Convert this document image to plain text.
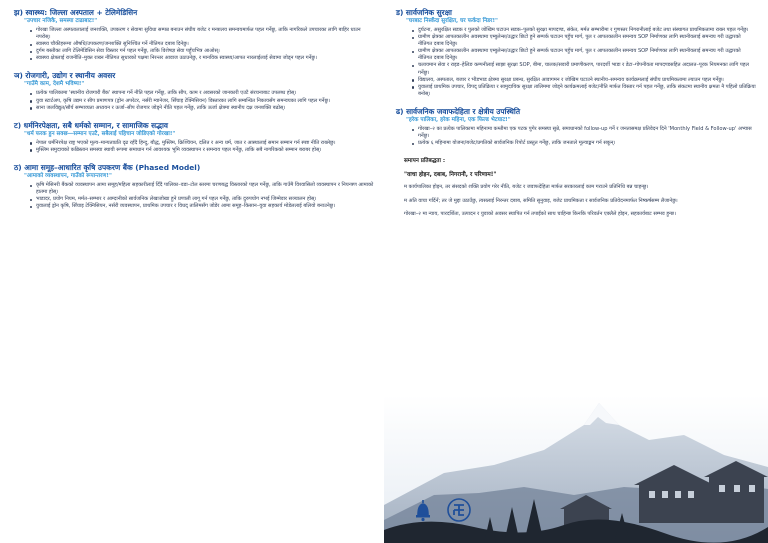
झ) स्वास्थ्य: जिल्ला अस्पताल + टेलिमेडिसिन
"उपचार नजिकै, समस्या टाढाबाट!"
गोरखा जिल्ला अस्पतालालाई जनशक्ति, उपकरण र सेवामा सुविधा सम्पन्न बनाउन संघीय बजेट र मन्त्रालय समन्वयमार्फत पहल गर्नेछु, ताकि नागरिकले उपचारका लागि बाहिर धाउन नपरोस्।
स्वास्थ्य चौकीहरूमा औषधि/उपकरण/जनशक्ति सुनिश्चित गर्ने नीतिगत दबाब दिनेछु।
दुर्गम बस्तीका लागि टेलिमेडिसिन सेवा विस्तार गर्न पहल गर्नेछु, ताकि विशेषज्ञ सेवा पहुँचभित्र आओस्।
स्वास्थ्य क्षेत्रलाई राजनीति–मुक्त राख्न नीतिगत सुधारको पक्षमा निरन्तर आवाज उठाउनेछु, र मानविक स्वास्थ्य/आपत नारलाईलाई सेवामा जोड्न पहल गर्नेछु।
ञ) रोजगारी, उद्योग र स्थानीय अवसर
"गाउँमै काम, देशमै भविष्य!"
प्रत्येक पालिकामा 'स्थानीय रोजगारी बैंक' स्थापना गर्ने नीति पहल गर्नेछु, ताकि सीप, काम र अवसरको जानकारी एउटै संरचनाबाट उपलब्ध होस्।
युवा स्टार्टअप, कृषि उद्यम र सीप प्रमाणपत्र (ड्रोन अपरेटर, नर्सरी म्यानेजर, सिँचाइ टेक्निसियन) विस्तारका लागि सम्बन्धित निकायसँग समन्वयका लागि पहल गर्नेछु।
साना जलविद्युत/सौर्य सम्भाव्यता अध्ययन र ऊर्जा–सीप रोजगार जोड्ने नीति पहल गर्नेछु, ताकि ऊर्जा क्षेत्रमा स्थानीय दक्ष जनशक्ति बढोस्।
ट) धर्मनिरपेक्षता, सबै धर्मको सम्मान, र सामाजिक सद्भाव
"धर्म फरक हुन सक्छ—सम्मान एउटै, सबैलाई पहिचान जोडिएको गोरखा!"
नेपाल धर्मनिरपेक्ष राष्ट्र भएको मूल्य–मान्यताप्रति दृढ रहँदै हिन्दु, बौद्ध, मुस्लिम, क्रिश्चियन, दलित र अन्य धर्म, जात र आस्थालाई समान सम्मान गर्न स्पष्ट नीति राख्नेछु।
मुस्लिम समुदायको कब्रिस्तान समस्या स्थायी रूपमा समाधान गर्न आवश्यक भूमि व्यवस्थापन र समन्वय पहल गर्नेछु, ताकि सबै नागरिकको सम्मान बराबर होस्।
ठ) आमा समूह–आधारित कृषि उपकरण बैंक (Phased Model)
"आमाको व्यवस्थापन, गाउँको रूपान्तरण!"
कृषि मेसिनरी बैंकको व्यवस्थापन आमा समूह/महिला सहकारीलाई दिँदै पालिका–वडा–टोल स्तरमा चरणबद्ध विस्तारको पहल गर्नेछु, ताकि गाउँमै विश्वासिलो व्यवस्थापन र नियन्त्रण आमाको हातमा होस्।
भाडादर, प्रयोग नियम, मर्मत–सम्भार र आम्दानीको सार्वजनिक लेखाजोखा हुने प्रणाली लागू गर्न पहल गर्नेछु, ताकि दुरुपयोग नभई जिम्मेवार सञ्चालन होस्।
युवालाई ड्रोन कृषि, सिँचाइ टेक्निसियन, नर्सरी व्यवस्थापन, प्राथमिक उपचार र विधद् तालिमसँग जोडेर आमा समूह–किसान–युवा सहकार्य मोडेललाई बलियो बनाउनेछु।
ड) सार्वजनिक सुरक्षा
"घरबाट निस्कँदा सुरक्षित, घर फर्कदा निडर!"
दुर्घटना, असुरक्षित सडक र पुलको जोखिम घटाउन सडक–पुलको सुरक्षा मापदण्ड, संकेत, मर्मत सम्भारीमा र गुणस्तर निगरानीलाई बजेट तथा संस्थागत प्राथमिकतामा राख्न पहल गर्नेछु।
ग्रामीण क्षेत्रका आपतकालीन अवस्थामा एम्बुलेन्स/उद्धार छिटो हुने सम्पर्क घटाउन पहुँच मार्ग, पुल र आपतकालीन समन्वय SOP निर्माणका लागि स्थानीयलाई समन्वय गरी उद्धारको नीतिगत दबाब दिनेछु।
ग्रामीण क्षेत्रका आपतकालीन अवस्थामा एम्बुलेन्स/उद्धार छिटो हुने सम्पर्क घटाउन पहुँच मार्ग, पुल र आपतकालीन समन्वय SOP निर्माणका लागि स्थानीयलाई समन्वय गरी उद्धारको नीतिगत दबाब दिनेछु।
चलायमान सेवा र राइड–हेलिङ कम्पनीलाई साझा सुरक्षा SOP, बीमा, चालक/सवारी प्रमाणीकरण, पारदर्शी भाडा र डेटा–गोपनीयता मापदण्डसहित अदालत–पूरक नियमनका लागि पहल गर्नेछु।
विद्यालय, अस्पताल, बजार र भीडभाड क्षेत्रमा सुरक्षा प्रबन्ध, सुरक्षित आवागमन र जोखिम घटाउने स्थानीय–समन्वय कार्यक्रमलाई संघीय प्राथमिकतामा ल्याउन पहल गर्नेछु।
युवालाई प्राथमिक उपचार, विपद् प्रतिक्रिया र सामुदायिक सुरक्षा तालिममा जोड्ने कार्यक्रमलाई बजेट/नीति मार्फत विस्तार गर्न पहल गर्नेछु, ताकि संकटमा स्थानीय क्षमता नै पहिलो प्रतिक्रिया बनोस्।
ढ) सार्वजनिक जवाफदेहिता र क्षेत्रीय उपस्थिति
"हरेक पालिका, हरेक महिना, एक फिल्ड भेटघाट!"
गोरखा–२ का प्रत्येक पालिकामा महिनामा कम्तीमा एक पटक पुगेर समस्या सुन्ने, समाधानको follow-up गर्ने र जनतासमक्ष प्रतिवेदन दिने 'Monthly Field & Follow-up' अभ्यास गर्नेछु।
प्रत्येक ६ महिनामा योजना/बजेट/प्रगतिको सार्वजनिक रिपोर्ट प्रस्तुत गर्नेछु, ताकि जनताले मूल्याङ्कन गर्न सकून्।
समापन प्रतिबद्धता :
"वाचा होइन, दबाब, निगरानी, र परिणाम!"

म कार्यपालिका होइन, तर संसदको शक्ति प्रयोग गरेर नीति, बजेट र जवाफदेहिता मार्फत सरकारलाई काम गराउने प्रतिनिधि बन्न चाहन्छु।

म अति वाचा गर्दिनँ; तर जे मुद्दा उठाउँछु, त्यसलाई निरन्तर दबाब, समिति सुनुवाइ, बजेट प्राथमिकता र सार्वजनिक प्रतिवेदनमार्फत निष्कर्षसम्म लैजानेछु।

गोरखा–२ मा न्याय, पारदर्शिता, उत्पादन र युवाको अवसर स्थापित गर्न तपाईंको साथ चाहिन्छ किनकि परिवर्तन एक्लैले होइन, सहकार्यबाट सम्भव हुन्छ।
